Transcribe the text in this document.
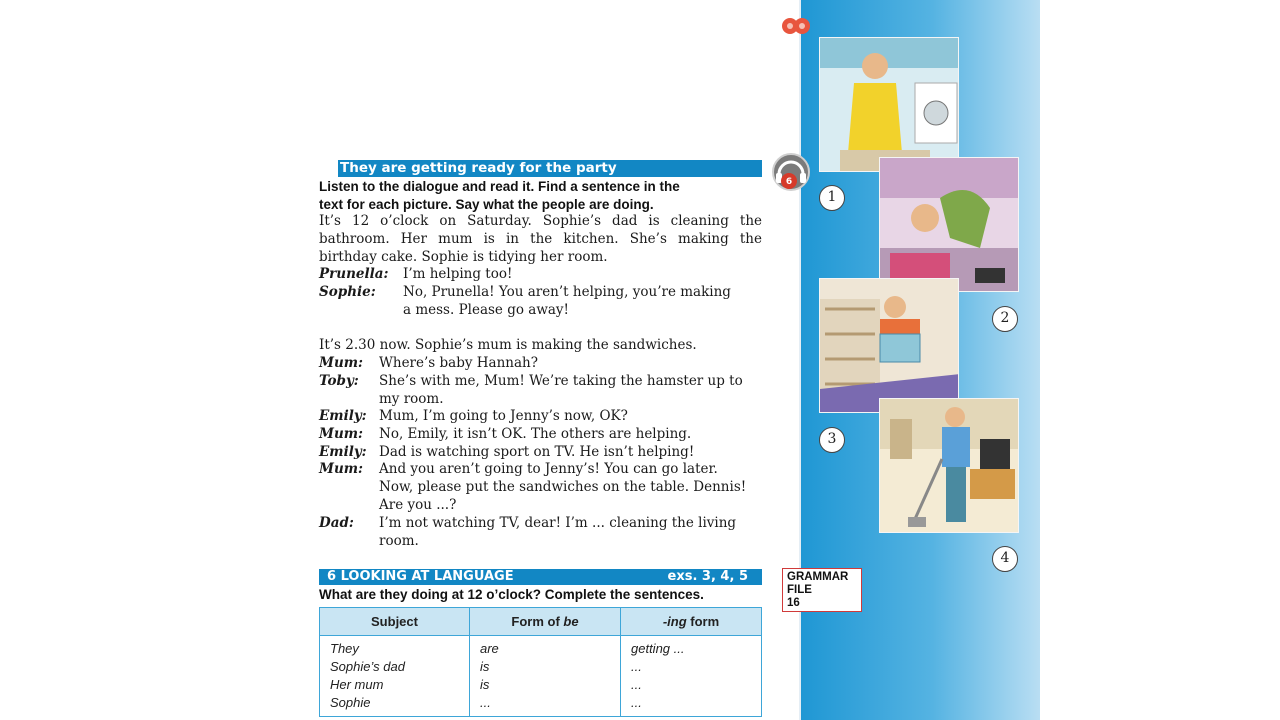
6
1
2
3
4
They are getting ready for the party
Listen to the dialogue and read it. Find a sentence in the
text for each picture. Say what the people are doing.
It’s 12 o’clock on Saturday. Sophie’s dad is cleaning the bathroom. Her mum is in the kitchen. She’s making the birthday cake. Sophie is tidying her room.
Prunella: I’m helping too!
Sophie: No, Prunella! You aren’t helping, you’re making
a mess. Please go away!
It’s 2.30 now. Sophie’s mum is making the sandwiches.
Mum: Where’s baby Hannah?
Toby: She’s with me, Mum! We’re taking the hamster up to
my room.
Emily: Mum, I’m going to Jenny’s now, OK?
Mum: No, Emily, it isn’t OK. The others are helping.
Emily: Dad is watching sport on TV. He isn’t helping!
Mum: And you aren’t going to Jenny’s! You can go later.
Now, please put the sandwiches on the table. Dennis!
Are you ...?
Dad: I’m not watching TV, dear! I’m ... cleaning the living
room.
6 LOOKING AT LANGUAGE	exs. 3, 4, 5
What are they doing at 12 o’clock? Complete the sentences.
GRAMMAR
FILE
16
Subject	Form of be	-ing form
They	are	getting ...
Sophie’s dad	is	...
Her mum	is	...
Sophie	...	...
